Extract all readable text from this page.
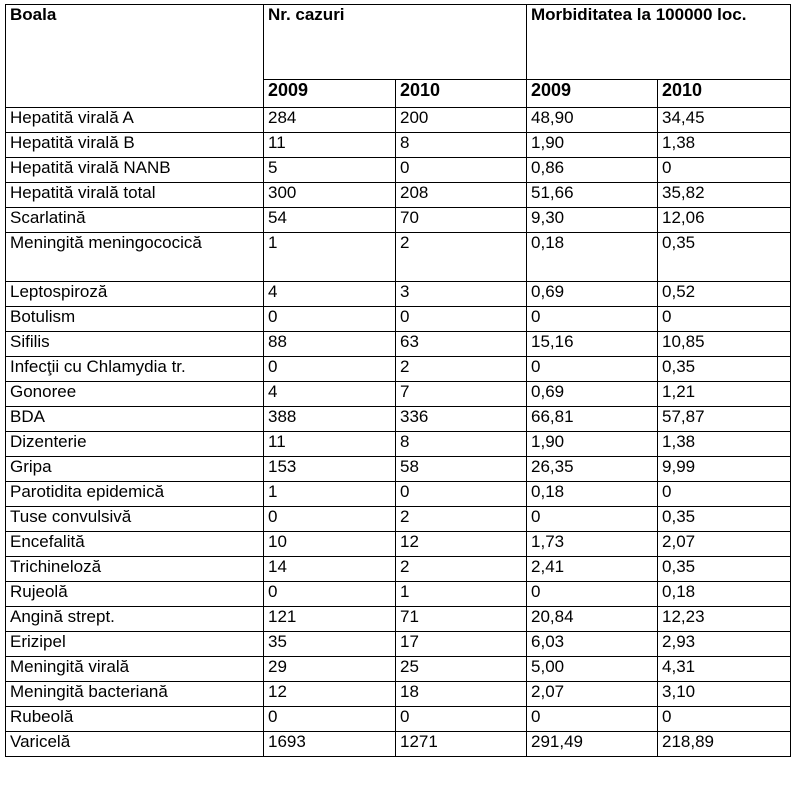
Boala	Nr. cazuri		Morbiditatea la 100000 loc.	
	2009	2010	2009	2010
Hepatită virală A	284	200	48,90	34,45
Hepatită virală B	11	8	1,90	1,38
Hepatită virală NANB	5	0	0,86	0
Hepatită virală total	300	208	51,66	35,82
Scarlatină	54	70	9,30	12,06
Meningită meningococică	1	2	0,18	0,35
Leptospiroză	4	3	0,69	0,52
Botulism	0	0	0	0
Sifilis	88	63	15,16	10,85
Infecţii cu Chlamydia tr.	0	2	0	0,35
Gonoree	4	7	0,69	1,21
BDA	388	336	66,81	57,87
Dizenterie	11	8	1,90	1,38
Gripa	153	58	26,35	9,99
Parotidita epidemică	1	0	0,18	0
Tuse convulsivă	0	2	0	0,35
Encefalită	10	12	1,73	2,07
Trichineloză	14	2	2,41	0,35
Rujeolă	0	1	0	0,18
Angină strept.	121	71	20,84	12,23
Erizipel	35	17	6,03	2,93
Meningită virală	29	25	5,00	4,31
Meningită bacteriană	12	18	2,07	3,10
Rubeolă	0	0	0	0
Varicelă	1693	1271	291,49	218,89
